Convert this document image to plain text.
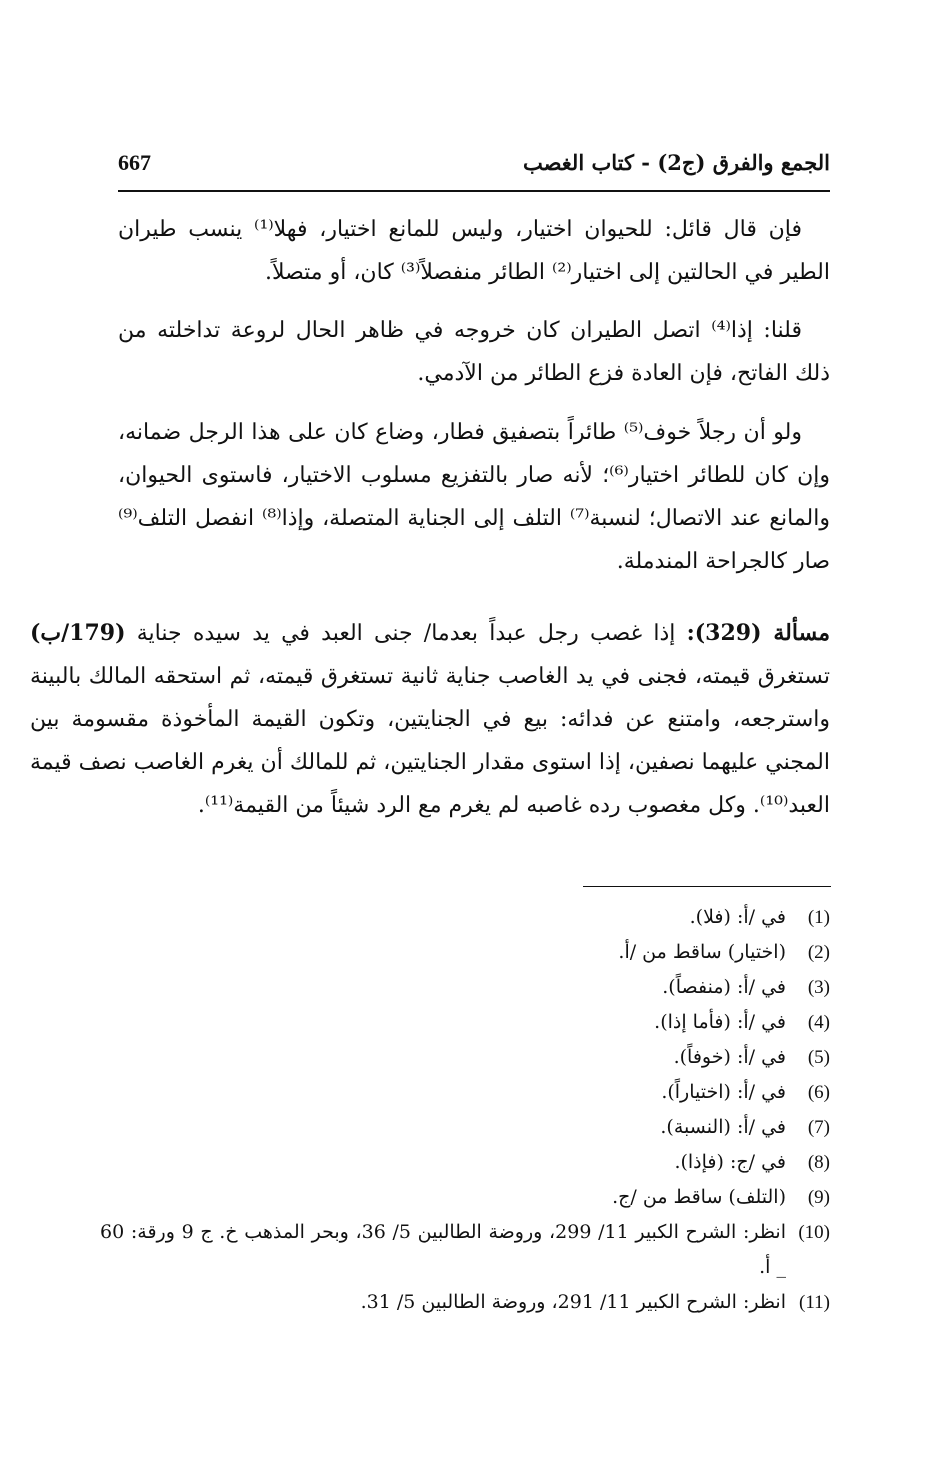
667	الجمع والفرق (ج2) - كتاب الغصب

فإن قال قائل: للحيوان اختيار، وليس للمانع اختيار، فهلا⁽¹⁾ ينسب طيران الطير في الحالتين إلى اختيار⁽²⁾ الطائر منفصلاً⁽³⁾ كان، أو متصلاً.

قلنا: إذا⁽⁴⁾ اتصل الطيران كان خروجه في ظاهر الحال لروعة تداخلته من ذلك الفاتح، فإن العادة فزع الطائر من الآدمي.

ولو أن رجلاً خوف⁽⁵⁾ طائراً بتصفيق فطار، وضاع كان على هذا الرجل ضمانه، وإن كان للطائر اختيار⁽⁶⁾؛ لأنه صار بالتفزيع مسلوب الاختيار، فاستوى الحيوان، والمانع عند الاتصال؛ لنسبة⁽⁷⁾ التلف إلى الجناية المتصلة، وإذا⁽⁸⁾ انفصل التلف⁽⁹⁾ صار كالجراحة المندملة.

مسألة (329): إذا غصب رجل عبداً بعدما/ جنى العبد في يد سيده جناية (179/ب) تستغرق قيمته، فجنى في يد الغاصب جناية ثانية تستغرق قيمته، ثم استحقه المالك بالبينة واسترجعه، وامتنع عن فدائه: بيع في الجنايتين، وتكون القيمة المأخوذة مقسومة بين المجني عليهما نصفين، إذا استوى مقدار الجنايتين، ثم للمالك أن يغرم الغاصب نصف قيمة العبد⁽¹⁰⁾. وكل مغصوب رده غاصبه لم يغرم مع الرد شيئاً من القيمة⁽¹¹⁾.

(1)
في /أ: (فلا).
(2)
(اختيار) ساقط من /أ.
(3)
في /أ: (منفصاً).
(4)
في /أ: (فأما إذا).
(5)
في /أ: (خوفاً).
(6)
في /أ: (اختياراً).
(7)
في /أ: (النسبة).
(8)
في /ج: (فإذا).
(9)
(التلف) ساقط من /ج.
(10)
انظر: الشرح الكبير 11/ 299، وروضة الطالبين 5/ 36، وبحر المذهب خ. ج 9 ورقة: 60 _ أ.
(11)
انظر: الشرح الكبير 11/ 291، وروضة الطالبين 5/ 31.
